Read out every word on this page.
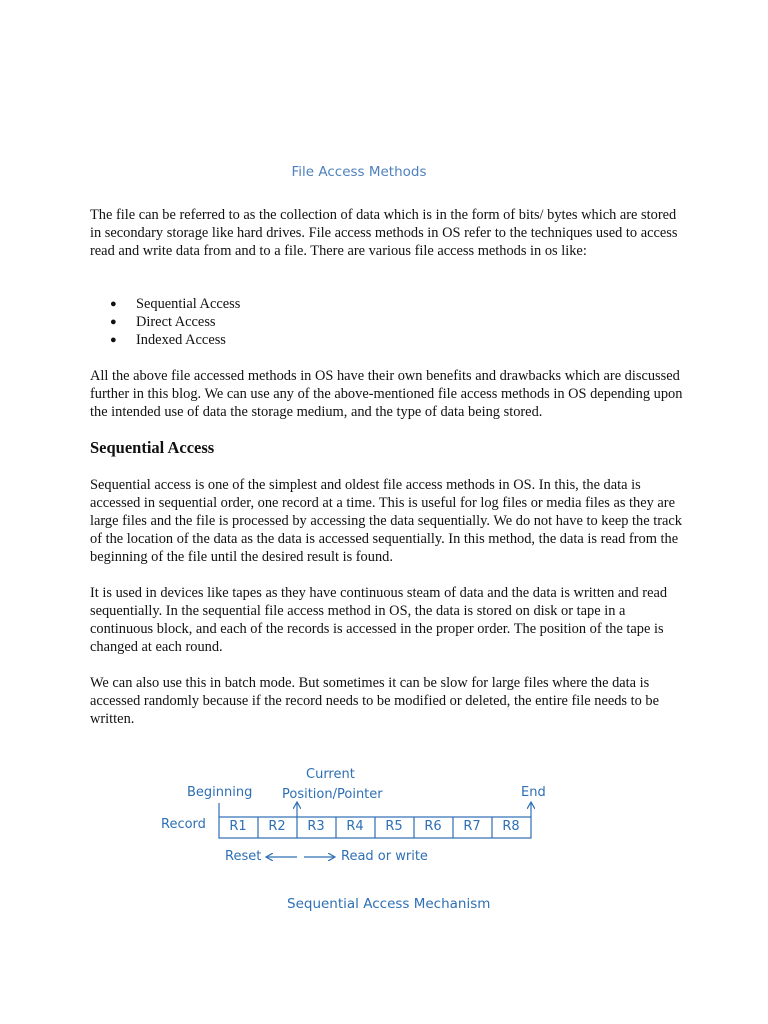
File Access Methods

The file can be referred to as the collection of data which is in the form of bits/ bytes which are stored in secondary storage like hard drives. File access methods in OS refer to the techniques used to access read and write data from and to a file. There are various file access methods in os like:

● Sequential Access
● Direct Access
● Indexed Access

All the above file accessed methods in OS have their own benefits and drawbacks which are discussed further in this blog. We can use any of the above-mentioned file access methods in OS depending upon the intended use of data the storage medium, and the type of data being stored.

Sequential Access

Sequential access is one of the simplest and oldest file access methods in OS. In this, the data is accessed in sequential order, one record at a time. This is useful for log files or media files as they are large files and the file is processed by accessing the data sequentially. We do not have to keep the track of the location of the data as the data is accessed sequentially. In this method, the data is read from the beginning of the file until the desired result is found.

It is used in devices like tapes as they have continuous steam of data and the data is written and read sequentially. In the sequential file access method in OS, the data is stored on disk or tape in a continuous block, and each of the records is accessed in the proper order. The position of the tape is changed at each round.

We can also use this in batch mode. But sometimes it can be slow for large files where the data is accessed randomly because if the record needs to be modified or deleted, the entire file needs to be written.

Current
Position/Pointer
Beginning	End
Record	R1	R2	R3	R4	R5	R6	R7	R8
Reset	Read or write
Sequential Access Mechanism
